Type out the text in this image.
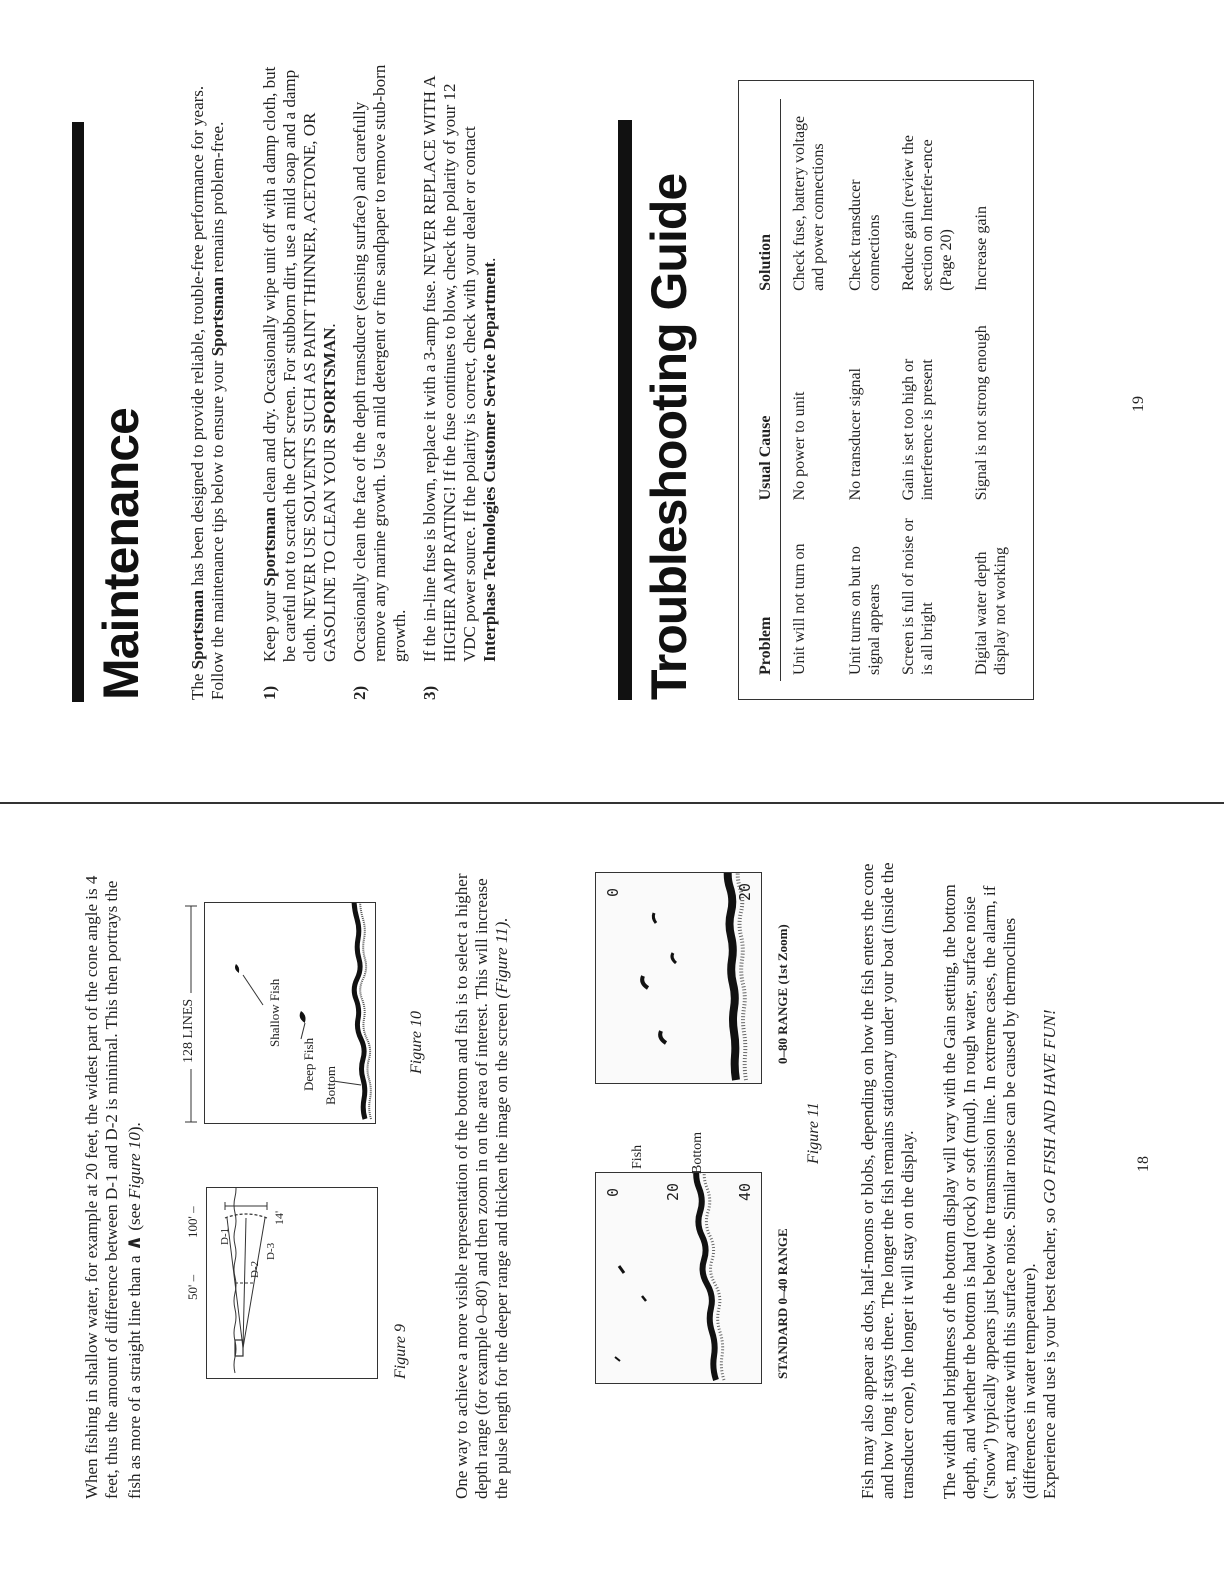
When fishing in shallow water, for example at 20 feet, the widest part of the cone angle is 4 feet, thus the amount of difference between D-1 and D-2 is minimal. This then portrays the fish as more of a straight line than a ∧ (see Figure 10).

50' –
100' – D-1
D-2
D-3
14'

Figure 9

128 LINES	Shallow Fish
Deep Fish Bottom

Figure 10 One way to achieve a more visible representation of the bottom and fish is to select a higher depth range (for example 0–80') and then zoom in on the area of interest. This will increase the pulse length for the deeper range and thicken the image on the screen (Figure 11).

0	20	40

STANDARD 0–40 RANGE

Fish	Bottom
0	20

0–80 RANGE (1st Zoom)

Figure 11 Fish may also appear as dots, half-moons or blobs, depending on how the fish enters the cone and how long it stays there. The longer the fish remains stationary under your boat (inside the transducer cone), the longer it will stay on the display. The width and brightness of the bottom display will vary with the Gain setting, the bottom depth, and whether the bottom is hard (rock) or soft (mud). In rough water, surface noise ("snow") typically appears just below the transmission line. In extreme cases, the alarm, if set, may activate with this surface noise. Similar noise can be caused by thermoclines (differences in water temperature). Experience and use is your best teacher, so GO FISH AND HAVE FUN!	18

Maintenance The Sportsman has been designed to provide reliable, trouble-free performance for years. Follow the maintenance tips below to ensure your Sportsman remains problem-free.

1)
Keep your Sportsman clean and dry. Occasionally wipe unit off with a damp cloth, but be careful not to scratch the CRT screen. For stubborn dirt, use a mild soap and a damp cloth. NEVER USE SOLVENTS SUCH AS PAINT THINNER, ACETONE, OR GASOLINE TO CLEAN YOUR SPORTSMAN.
2)
Occasionally clean the face of the depth transducer (sensing surface) and carefully remove any marine growth. Use a mild detergent or fine sandpaper to remove stub-born growth.
3)
If the in-line fuse is blown, replace it with a 3-amp fuse. NEVER REPLACE WITH A HIGHER AMP RATING! If the fuse continues to blow, check the polarity of your 12 VDC power source. If the polarity is correct, check with your dealer or contact Interphase Technologies Customer Service Department.	Troubleshooting Guide	Problem	Usual Cause	Solution
Unit will not turn on	No power to unit	Check fuse, battery voltage and power connections
Unit turns on but no signal appears	No transducer signal	Check transducer connections
Screen is full of noise or is all bright	Gain is set too high or interference is present	Reduce gain (review the section on Interfer-ence (Page 20)
Digital water depth display not working	Signal is not strong enough	Increase gain

19
